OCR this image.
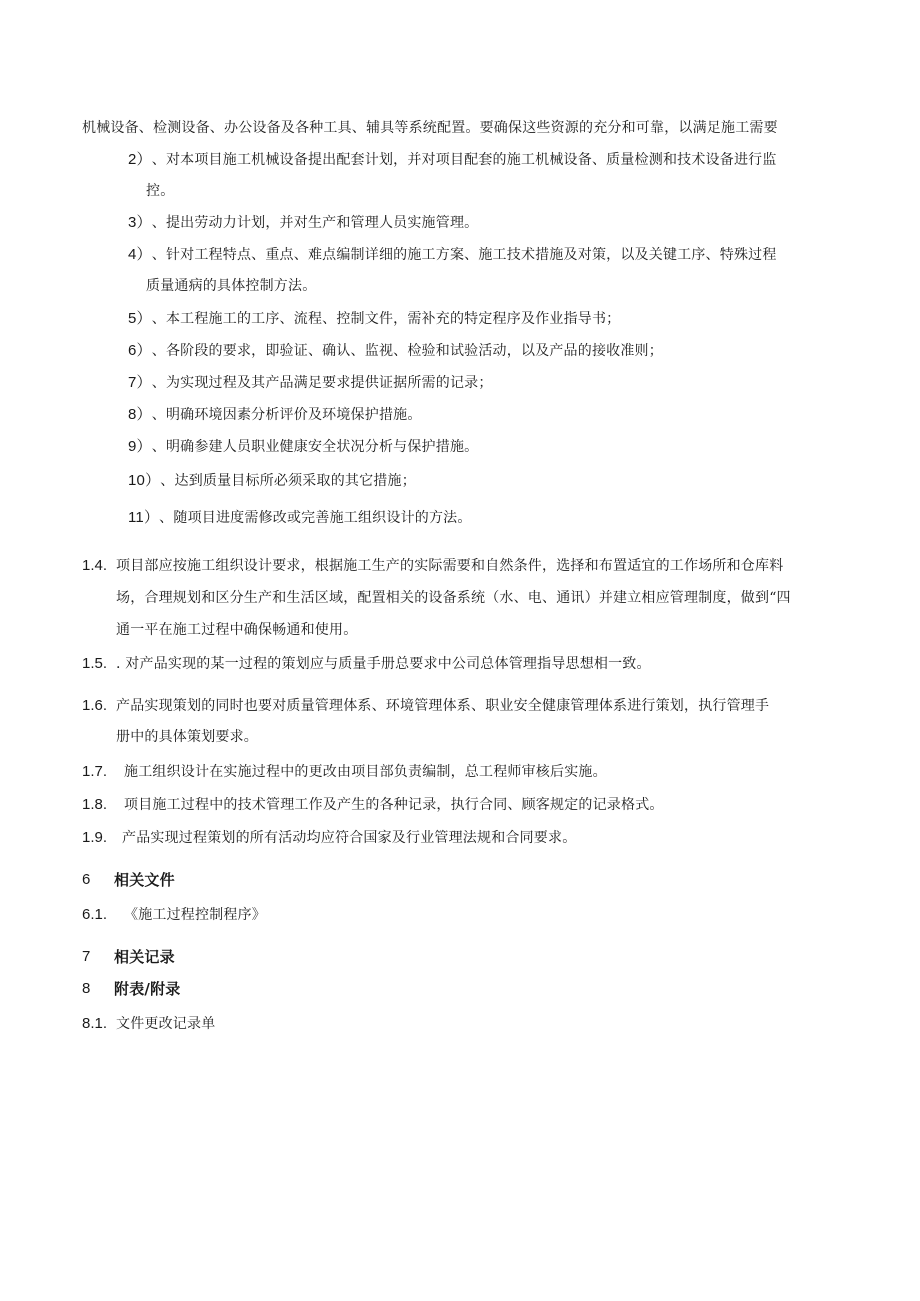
机械设备、检测设备、办公设备及各种工具、辅具等系统配置。要确保这些资源的充分和可靠，以满足施工需要
2）、对本项目施工机械设备提出配套计划，并对项目配套的施工机械设备、质量检测和技术设备进行监
控。
3）、提出劳动力计划，并对生产和管理人员实施管理。
4）、针对工程特点、重点、难点编制详细的施工方案、施工技术措施及对策，以及关键工序、特殊过程
质量通病的具体控制方法。
5）、本工程施工的工序、流程、控制文件，需补充的特定程序及作业指导书；
6）、各阶段的要求，即验证、确认、监视、检验和试验活动，以及产品的接收准则；
7）、为实现过程及其产品满足要求提供证据所需的记录；
8）、明确环境因素分析评价及环境保护措施。
9）、明确参建人员职业健康安全状况分析与保护措施。
10）、达到质量目标所必须采取的其它措施；
11）、随项目进度需修改或完善施工组织设计的方法。
1.4. 项目部应按施工组织设计要求，根据施工生产的实际需要和自然条件，选择和布置适宜的工作场所和仓库料
场，合理规划和区分生产和生活区域，配置相关的设备系统（水、电、通讯）并建立相应管理制度，做到“四
通一平在施工过程中确保畅通和使用。
1.5. . 对产品实现的某一过程的策划应与质量手册总要求中公司总体管理指导思想相一致。
1.6. 产品实现策划的同时也要对质量管理体系、环境管理体系、职业安全健康管理体系进行策划，执行管理手
册中的具体策划要求。
1.7. 施工组织设计在实施过程中的更改由项目部负责编制，总工程师审核后实施。
1.8. 项目施工过程中的技术管理工作及产生的各种记录，执行合同、顾客规定的记录格式。
1.9. 产品实现过程策划的所有活动均应符合国家及行业管理法规和合同要求。
6 相关文件
6.1. 《施工过程控制程序》
7 相关记录
8 附表/附录
8.1. 文件更改记录单
